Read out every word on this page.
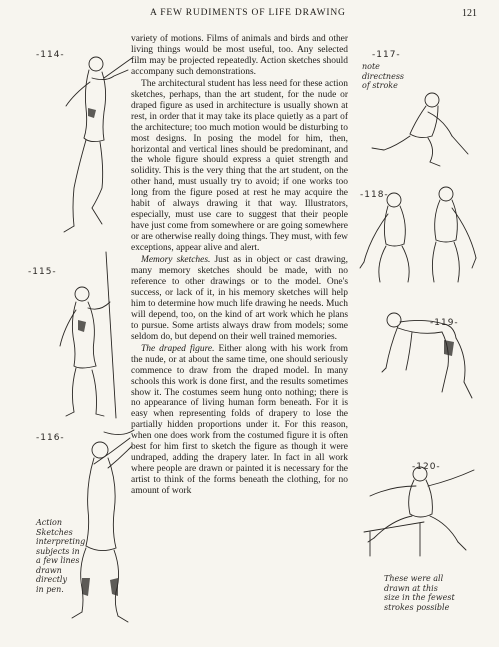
A FEW RUDIMENTS OF LIFE DRAWING	121

variety of motions. Films of animals and birds and other living things would be most useful, too. Any selected film may be projected repeatedly. Action sketches should accompany such demonstrations.

The architectural student has less need for these action sketches, perhaps, than the art student, for the nude or draped figure as used in architecture is usually shown at rest, in order that it may take its place quietly as a part of the architecture; too much motion would be disturbing to most designs. In posing the model for him, then, horizontal and vertical lines should be predominant, and the whole figure should express a quiet strength and solidity. This is the very thing that the art student, on the other hand, must usually try to avoid; if one works too long from the figure posed at rest he may acquire the habit of always drawing it that way. Illustrators, especially, must use care to suggest that their people have just come from somewhere or are going somewhere or are otherwise really doing things. They must, with few exceptions, appear alive and alert.

Memory sketches. Just as in object or cast drawing, many memory sketches should be made, with no reference to other drawings or to the model. One's success, or lack of it, in his memory sketches will help him to determine how much life drawing he needs. Much will depend, too, on the kind of art work which he plans to pursue. Some artists always draw from models; some seldom do, but depend on their well trained memories.

The draped figure. Either along with his work from the nude, or at about the same time, one should seriously commence to draw from the draped model. In many schools this work is done first, and the results sometimes show it. The costumes seem hung onto nothing; there is no appearance of living human form beneath. For it is easy when representing folds of drapery to lose the partially hidden proportions under it. For this reason, when one does work from the costumed figure it is often best for him first to sketch the figure as though it were undraped, adding the drapery later. In fact in all work where people are drawn or painted it is necessary for the artist to think of the forms beneath the clothing, for no amount of work

-114-
-115-
-116-
Action
Sketches
interpreting
subjects in
a few lines
drawn
directly
in pen.
-117-
note
directness
of stroke
-118-
-119-
-120-
These were all
drawn at this
size in the fewest
strokes possible
